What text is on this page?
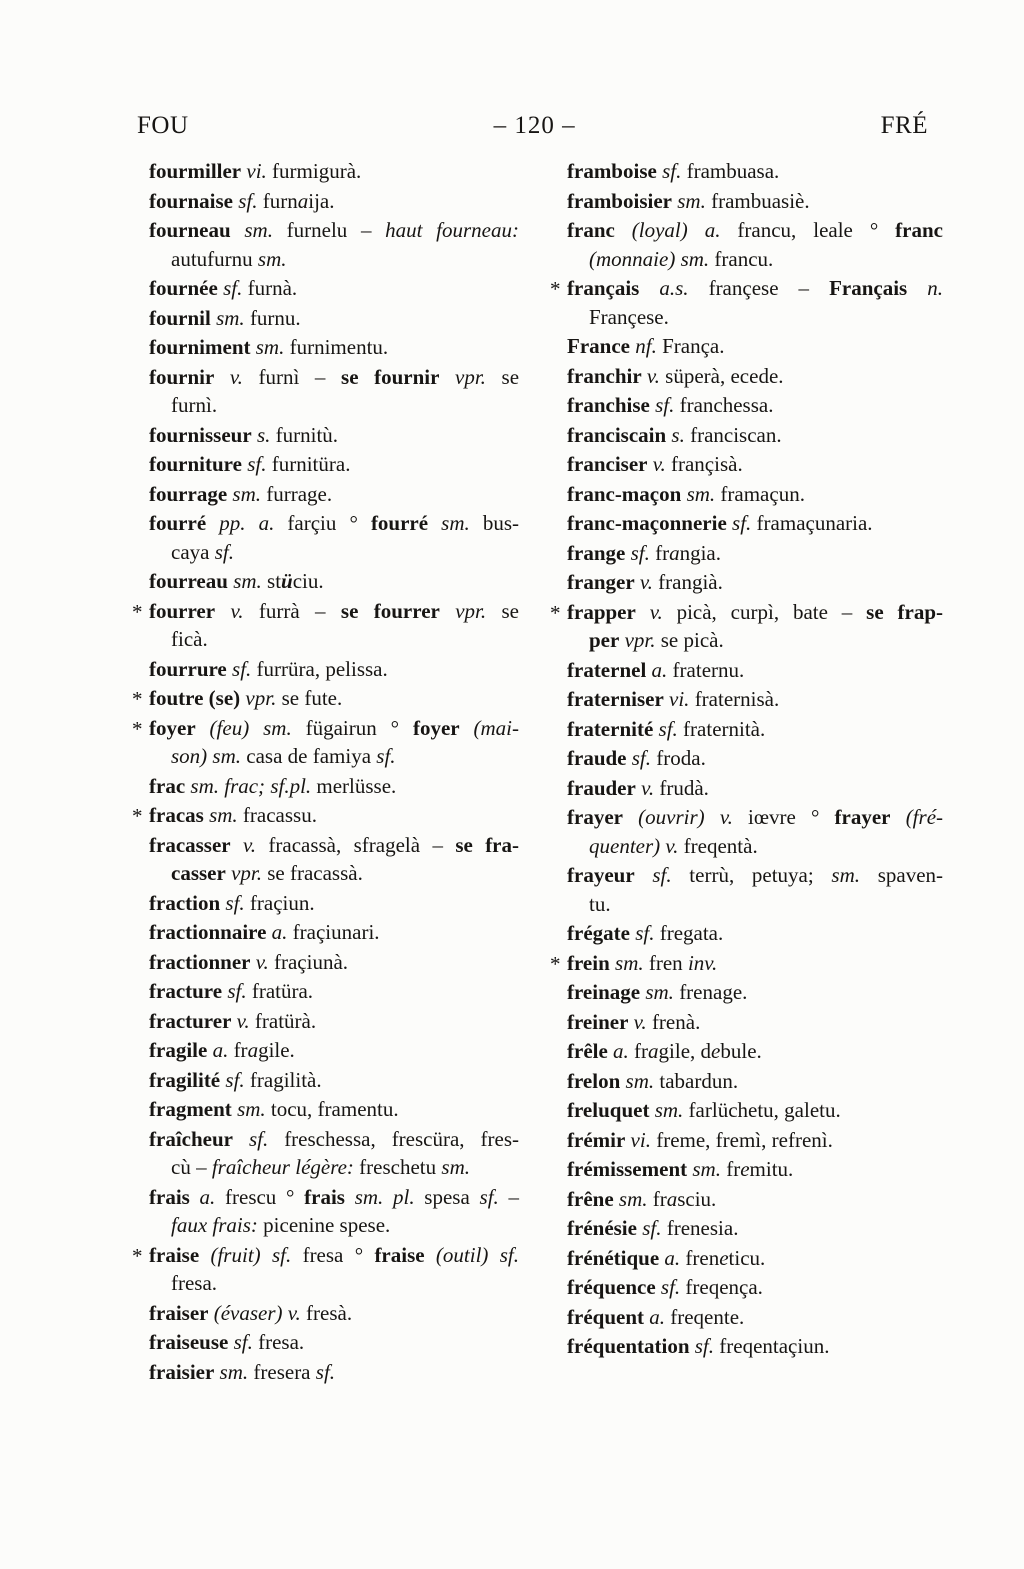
FOU	– 120 –	FRÉ
fourmiller vi. furmigurà.
fournaise sf. furnaija.
fourneau sm. furnelu – haut fourneau:
autufurnu sm.
fournée sf. furnà.
fournil sm. furnu.
fourniment sm. furnimentu.
fournir v. furnì – se fournir vpr. se
furnì.
fournisseur s. furnitù.
fourniture sf. furnitüra.
fourrage sm. furrage.
fourré pp. a. farçiu ° fourré sm. bus-
caya sf.
fourreau sm. stüciu.
* fourrer v. furrà – se fourrer vpr. se
ficà.
fourrure sf. furrüra, pelissa.
* foutre (se) vpr. se fute.
* foyer (feu) sm. fügairun ° foyer (mai-
son) sm. casa de famiya sf.
frac sm. frac; sf.pl. merlüsse.
* fracas sm. fracassu.
fracasser v. fracassà, sfragelà – se fra-
casser vpr. se fracassà.
fraction sf. fraçiun.
fractionnaire a. fraçiunari.
fractionner v. fraçiunà.
fracture sf. fratüra.
fracturer v. fratürà.
fragile a. fragile.
fragilité sf. fragilità.
fragment sm. tocu, framentu.
fraîcheur sf. freschessa, frescüra, fres-
cù – fraîcheur légère: freschetu sm.
frais a. frescu ° frais sm. pl. spesa sf. –
faux frais: picenine spese.
* fraise (fruit) sf. fresa ° fraise (outil) sf.
fresa.
fraiser (évaser) v. fresà.
fraiseuse sf. fresa.
fraisier sm. fresera sf.
framboise sf. frambuasa.
framboisier sm. frambuasiè.
franc (loyal) a. francu, leale ° franc
(monnaie) sm. francu.
* français a.s. françese – Français n.
Françese.
France nf. França.
franchir v. süperà, ecede.
franchise sf. franchessa.
franciscain s. franciscan.
franciser v. françisà.
franc-maçon sm. framaçun.
franc-maçonnerie sf. framaçunaria.
frange sf. frangia.
franger v. frangià.
* frapper v. picà, curpì, bate – se frap-
per vpr. se picà.
fraternel a. fraternu.
fraterniser vi. fraternisà.
fraternité sf. fraternità.
fraude sf. froda.
frauder v. frudà.
frayer (ouvrir) v. iœvre ° frayer (fré-
quenter) v. freqentà.
frayeur sf. terrù, petuya; sm. spaven-
tu.
frégate sf. fregata.
* frein sm. fren inv.
freinage sm. frenage.
freiner v. frenà.
frêle a. fragile, debule.
frelon sm. tabardun.
freluquet sm. farlüchetu, galetu.
frémir vi. freme, fremì, refrenì.
frémissement sm. fremitu.
frêne sm. frasciu.
frénésie sf. frenesia.
frénétique a. freneticu.
fréquence sf. freqença.
fréquent a. freqente.
fréquentation sf. freqentaçiun.
